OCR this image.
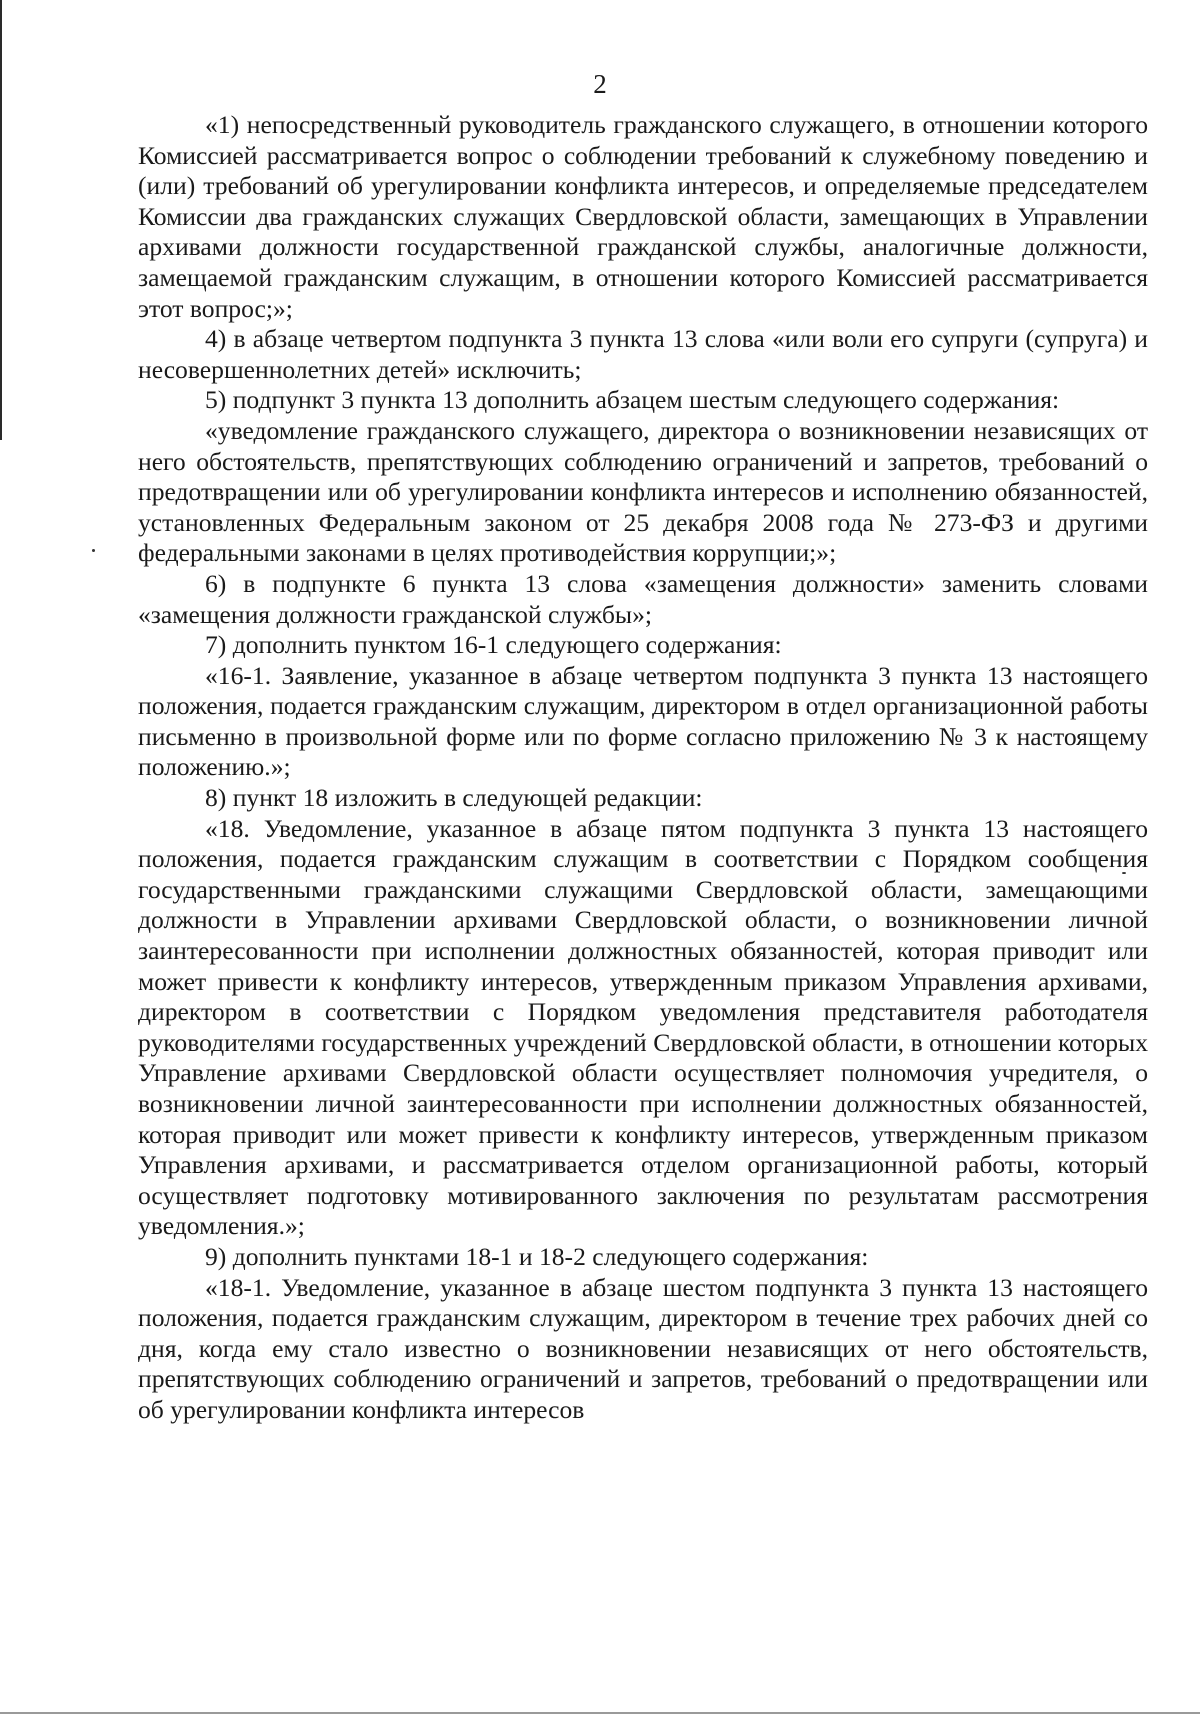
2

«1) непосредственный руководитель гражданского служащего, в отношении которого Комиссией рассматривается вопрос о соблюдении требований к служебному поведению и (или) требований об урегулировании конфликта интересов, и определяемые председателем Комиссии два гражданских служащих Свердловской области, замещающих в Управлении архивами должности государственной гражданской службы, аналогичные должности, замещаемой гражданским служащим, в отношении которого Комиссией рассматривается этот вопрос;»;

4) в абзаце четвертом подпункта 3 пункта 13 слова «или воли его супруги (супруга) и несовершеннолетних детей» исключить;

5) подпункт 3 пункта 13 дополнить абзацем шестым следующего содержания:

«уведомление гражданского служащего, директора о возникновении независящих от него обстоятельств, препятствующих соблюдению ограничений и запретов, требований о предотвращении или об урегулировании конфликта интересов и исполнению обязанностей, установленных Федеральным законом от 25 декабря 2008 года № 273-ФЗ и другими федеральными законами в целях противодействия коррупции;»;

6) в подпункте 6 пункта 13 слова «замещения должности» заменить словами «замещения должности гражданской службы»;

7) дополнить пунктом 16-1 следующего содержания:

«16-1. Заявление, указанное в абзаце четвертом подпункта 3 пункта 13 настоящего положения, подается гражданским служащим, директором в отдел организационной работы письменно в произвольной форме или по форме согласно приложению № 3 к настоящему положению.»;

8) пункт 18 изложить в следующей редакции:

«18. Уведомление, указанное в абзаце пятом подпункта 3 пункта 13 настоящего положения, подается гражданским служащим в соответствии с Порядком сообщения государственными гражданскими служащими Свердловской области, замещающими должности в Управлении архивами Свердловской области, о возникновении личной заинтересованности при исполнении должностных обязанностей, которая приводит или может привести к конфликту интересов, утвержденным приказом Управления архивами, директором в соответствии с Порядком уведомления представителя работодателя руководителями государственных учреждений Свердловской области, в отношении которых Управление архивами Свердловской области осуществляет полномочия учредителя, о возникновении личной заинтересованности при исполнении должностных обязанностей, которая приводит или может привести к конфликту интересов, утвержденным приказом Управления архивами, и рассматривается отделом организационной работы, который осуществляет подготовку мотивированного заключения по результатам рассмотрения уведомления.»;

9) дополнить пунктами 18-1 и 18-2 следующего содержания:

«18-1. Уведомление, указанное в абзаце шестом подпункта 3 пункта 13 настоящего положения, подается гражданским служащим, директором в течение трех рабочих дней со дня, когда ему стало известно о возникновении независящих от него обстоятельств, препятствующих соблюдению ограничений и запретов, требований о предотвращении или об урегулировании конфликта интересов
